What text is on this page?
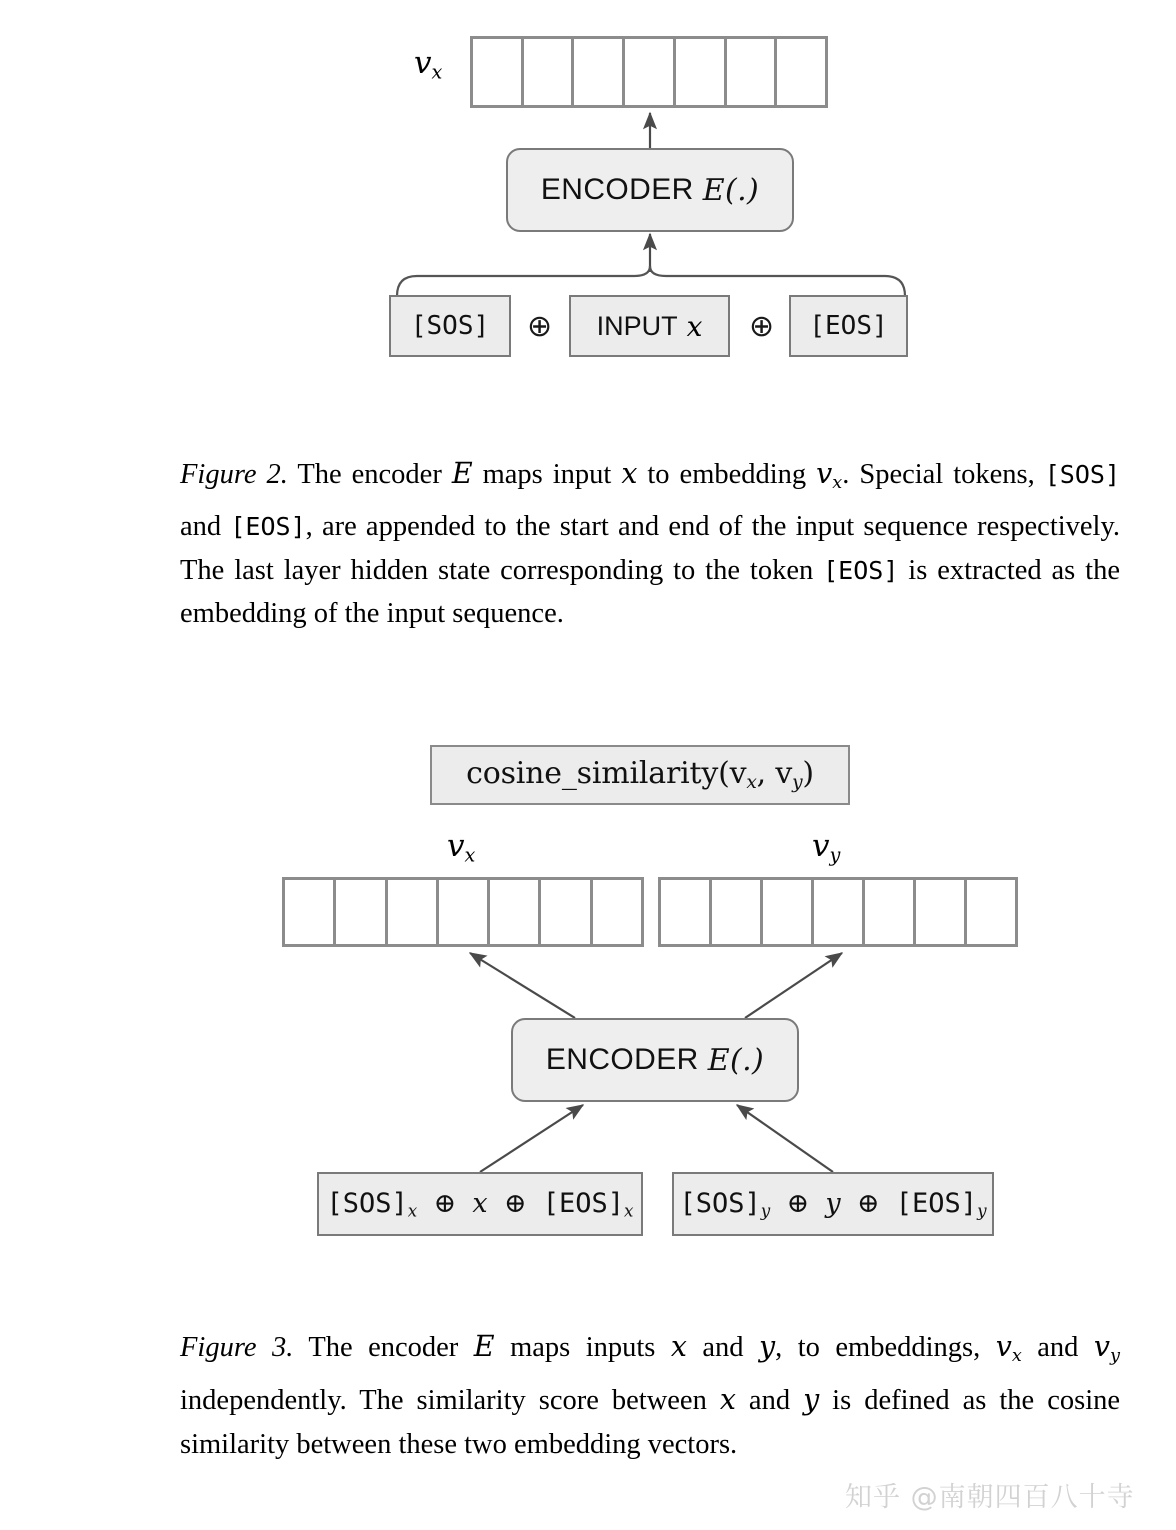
$v_x$
ENCODER E(.)
[SOS] ⊕ INPUT x ⊕ [EOS]
Figure 2. The encoder E maps input x to embedding $v_x$. Special tokens, [SOS] and [EOS], are appended to the start and end of the input sequence respectively. The last layer hidden state corresponding to the token [EOS] is extracted as the embedding of the input sequence.
$cosine\_similarity(v_x$, $v_y$)
$v_x$	$v_y$
ENCODER E(.)
$[SOS]_x$ ⊕ x ⊕ $[EOS]_x$ $[SOS]_y$ ⊕ y ⊕ $[EOS]_y$
Figure 3. The encoder E maps inputs x and y, to embeddings, $v_x$ and $v_y$ independently. The similarity score between x and y is defined as the cosine similarity between these two embedding vectors.
知乎 @南朝四百八十寺
